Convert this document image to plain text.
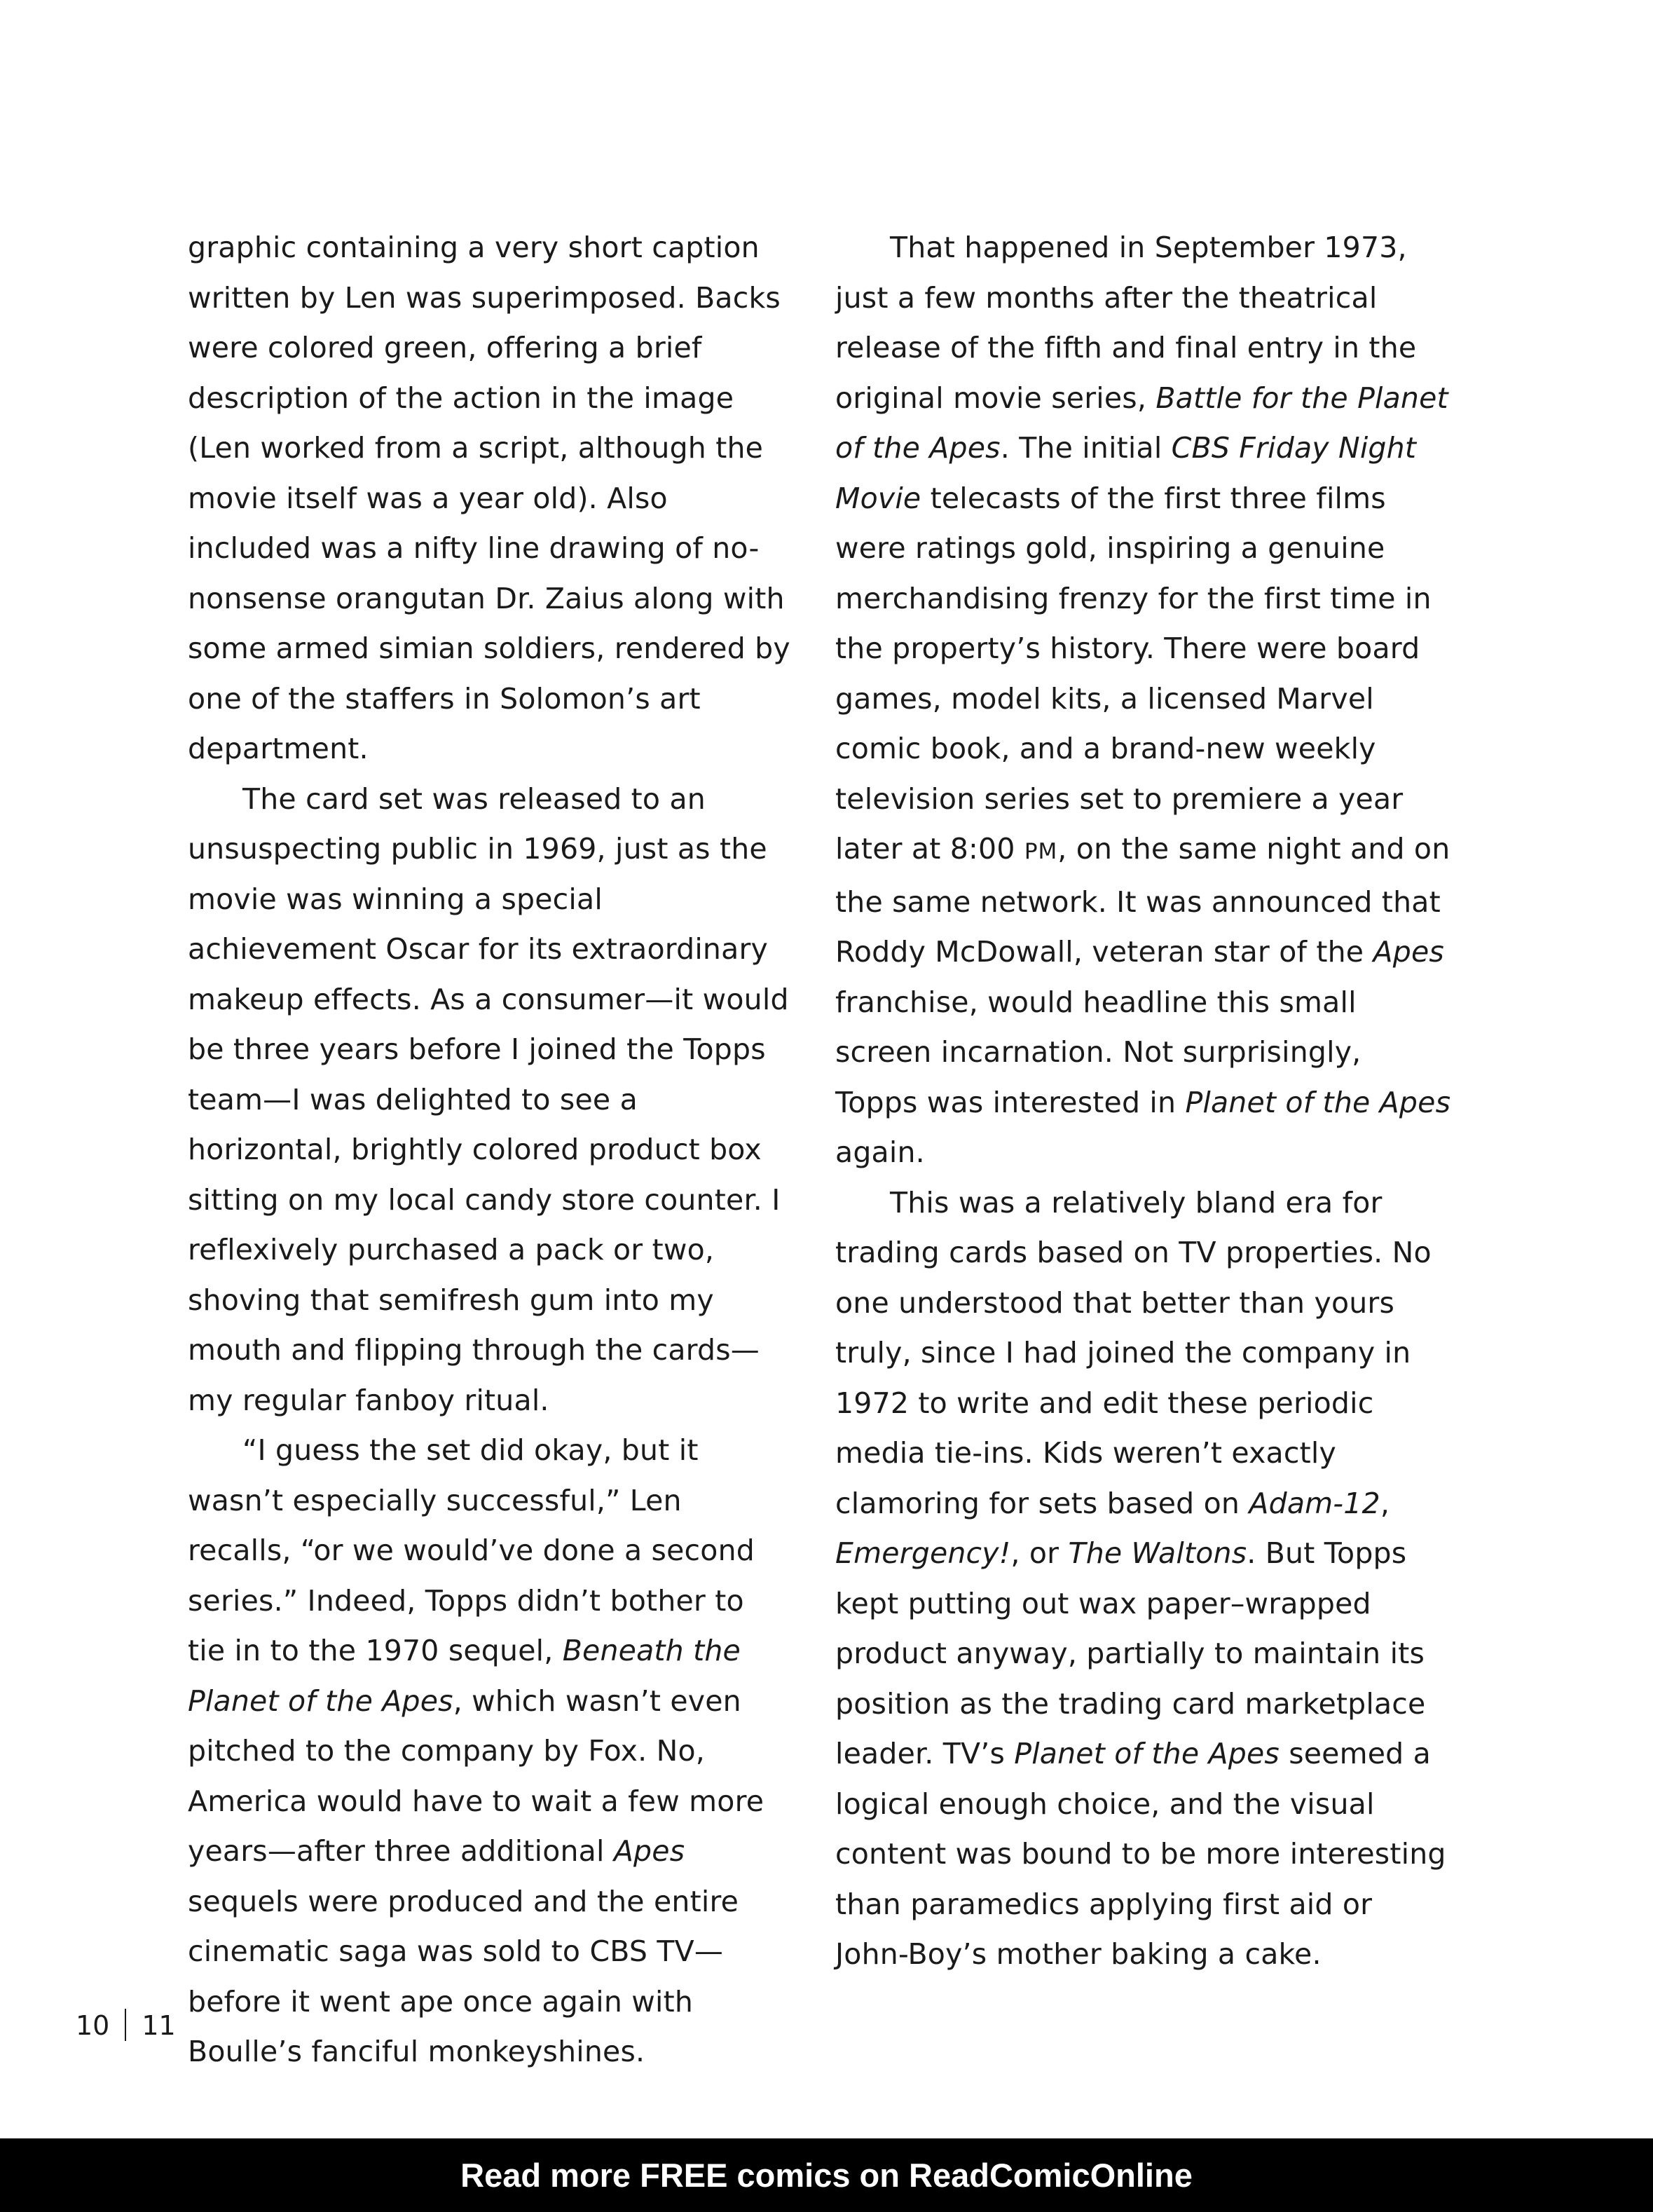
graphic containing a very short caption written by Len was superimposed. Backs were colored green, offering a brief description of the action in the image (Len worked from a script, although the movie itself was a year old). Also included was a nifty line drawing of no-nonsense orangutan Dr. Zaius along with some armed simian soldiers, rendered by one of the staffers in Solomon’s art department.

The card set was released to an unsuspecting public in 1969, just as the movie was winning a special achievement Oscar for its extraordinary makeup effects. As a consumer—it would be three years before I joined the Topps team—I was delighted to see a horizontal, brightly colored product box sitting on my local candy store counter. I reflexively purchased a pack or two, shoving that semifresh gum into my mouth and flipping through the cards—my regular fanboy ritual.

“I guess the set did okay, but it wasn’t especially successful,” Len recalls, “or we would’ve done a second series.” Indeed, Topps didn’t bother to tie in to the 1970 sequel, Beneath the Planet of the Apes, which wasn’t even pitched to the company by Fox. No, America would have to wait a few more years—after three additional Apes sequels were produced and the entire cinematic saga was sold to CBS TV—before it went ape once again with Boulle’s fanciful monkeyshines.

That happened in September 1973, just a few months after the theatrical release of the fifth and final entry in the original movie series, Battle for the Planet of the Apes. The initial CBS Friday Night Movie telecasts of the first three films were ratings gold, inspiring a genuine merchandising frenzy for the first time in the property’s history. There were board games, model kits, a licensed Marvel comic book, and a brand-new weekly television series set to premiere a year later at 8:00 PM, on the same night and on the same network. It was announced that Roddy McDowall, veteran star of the Apes franchise, would headline this small screen incarnation. Not surprisingly, Topps was interested in Planet of the Apes again.

This was a relatively bland era for trading cards based on TV properties. No one understood that better than yours truly, since I had joined the company in 1972 to write and edit these periodic media tie-ins. Kids weren’t exactly clamoring for sets based on Adam-12, Emergency!, or The Waltons. But Topps kept putting out wax paper–wrapped product anyway, partially to maintain its position as the trading card marketplace leader. TV’s Planet of the Apes seemed a logical enough choice, and the visual content was bound to be more interesting than paramedics applying first aid or John-Boy’s mother baking a cake.

10 11
Read more FREE comics on ReadComicOnline
